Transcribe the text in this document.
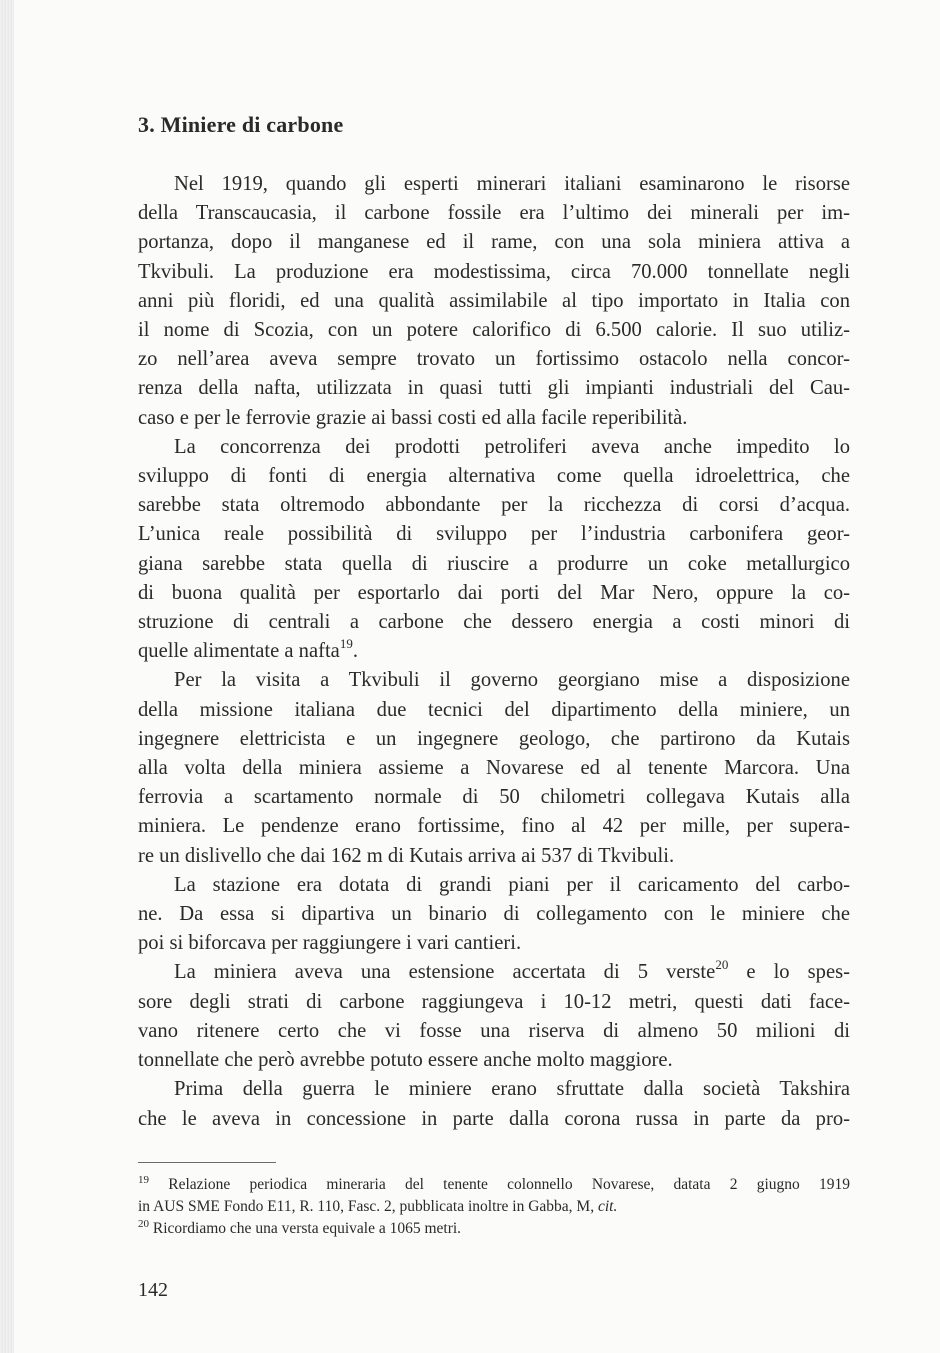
3. Miniere di carbone
Nel 1919, quando gli esperti minerari italiani esaminarono le risorse
della Transcaucasia, il carbone fossile era l’ultimo dei minerali per im-
portanza, dopo il manganese ed il rame, con una sola miniera attiva a
Tkvibuli. La produzione era modestissima, circa 70.000 tonnellate negli
anni più floridi, ed una qualità assimilabile al tipo importato in Italia con
il nome di Scozia, con un potere calorifico di 6.500 calorie. Il suo utiliz-
zo nell’area aveva sempre trovato un fortissimo ostacolo nella concor-
renza della nafta, utilizzata in quasi tutti gli impianti industriali del Cau-
caso e per le ferrovie grazie ai bassi costi ed alla facile reperibilità.
La concorrenza dei prodotti petroliferi aveva anche impedito lo
sviluppo di fonti di energia alternativa come quella idroelettrica, che
sarebbe stata oltremodo abbondante per la ricchezza di corsi d’acqua.
L’unica reale possibilità di sviluppo per l’industria carbonifera geor-
giana sarebbe stata quella di riuscire a produrre un coke metallurgico
di buona qualità per esportarlo dai porti del Mar Nero, oppure la co-
struzione di centrali a carbone che dessero energia a costi minori di
quelle alimentate a nafta$^{19}$.
Per la visita a Tkvibuli il governo georgiano mise a disposizione
della missione italiana due tecnici del dipartimento della miniere, un
ingegnere elettricista e un ingegnere geologo, che partirono da Kutais
alla volta della miniera assieme a Novarese ed al tenente Marcora. Una
ferrovia a scartamento normale di 50 chilometri collegava Kutais alla
miniera. Le pendenze erano fortissime, fino al 42 per mille, per supera-
re un dislivello che dai 162 m di Kutais arriva ai 537 di Tkvibuli.
La stazione era dotata di grandi piani per il caricamento del carbo-
ne. Da essa si dipartiva un binario di collegamento con le miniere che
poi si biforcava per raggiungere i vari cantieri.
La miniera aveva una estensione accertata di 5 verste$^{20}$ e lo spes-
sore degli strati di carbone raggiungeva i 10-12 metri, questi dati face-
vano ritenere certo che vi fosse una riserva di almeno 50 milioni di
tonnellate che però avrebbe potuto essere anche molto maggiore.
Prima della guerra le miniere erano sfruttate dalla società Takshira
che le aveva in concessione in parte dalla corona russa in parte da pro-
$^{19}$ Relazione periodica mineraria del tenente colonnello Novarese, datata 2 giugno 1919
in AUS SME Fondo E11, R. 110, Fasc. 2, pubblicata inoltre in Gabba, M, cit.
$^{20}$ Ricordiamo che una versta equivale a 1065 metri.
142
